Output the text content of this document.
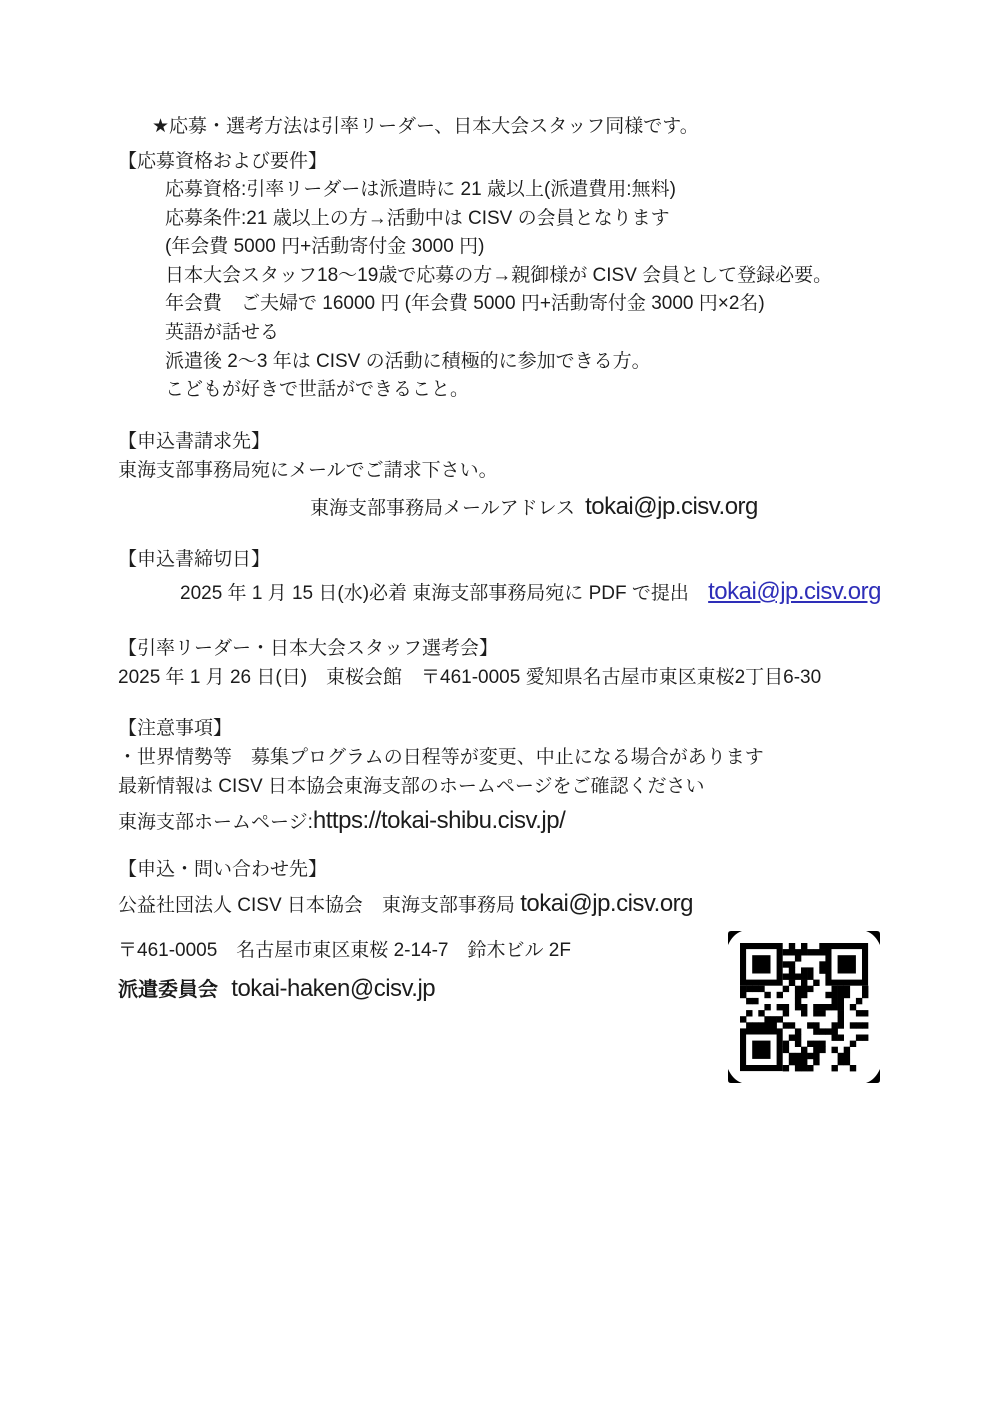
★応募・選考方法は引率リーダー、日本大会スタッフ同様です。
【応募資格および要件】
応募資格:引率リーダーは派遣時に 21 歳以上(派遣費用:無料)
応募条件:21 歳以上の方→活動中は CISV の会員となります
(年会費 5000 円+活動寄付金 3000 円)
日本大会スタッフ18〜19歳で応募の方→親御様が CISV 会員として登録必要。
年会費　ご夫婦で 16000 円 (年会費 5000 円+活動寄付金 3000 円×2名)
英語が話せる
派遣後 2〜3 年は CISV の活動に積極的に参加できる方。
こどもが好きで世話ができること。
【申込書請求先】
東海支部事務局宛にメールでご請求下さい。
東海支部事務局メールアドレス tokai@jp.cisv.org
【申込書締切日】
2025 年 1 月 15 日(水)必着 東海支部事務局宛に PDF で提出 tokai@jp.cisv.org
【引率リーダー・日本大会スタッフ選考会】
2025 年 1 月 26 日(日)　東桜会館　〒461-0005 愛知県名古屋市東区東桜2丁目6-30
【注意事項】
・世界情勢等　募集プログラムの日程等が変更、中止になる場合があります
最新情報は CISV 日本協会東海支部のホームページをご確認ください
東海支部ホームページ:https://tokai-shibu.cisv.jp/
【申込・問い合わせ先】
公益社団法人 CISV 日本協会　東海支部事務局 tokai@jp.cisv.org
〒461-0005　名古屋市東区東桜 2-14-7　鈴木ビル 2F
派遣委員会 tokai-haken@cisv.jp
